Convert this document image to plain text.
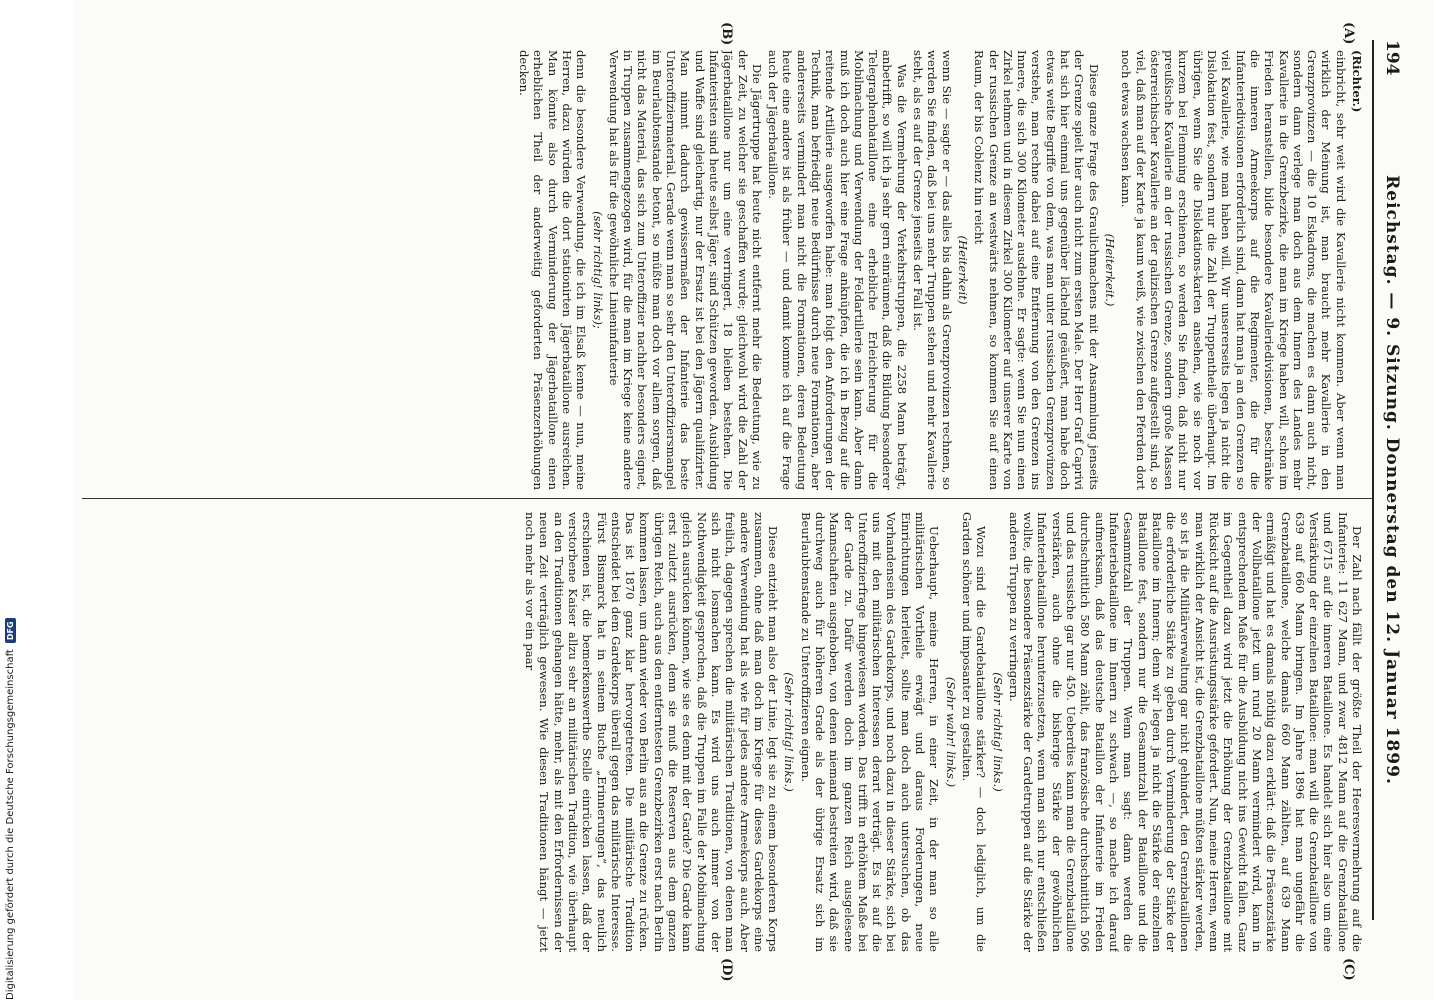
194
Reichstag. — 9. Sitzung. Donnerstag den 12. Januar 1899.
(A)
(B)
(C)
(D)

(Richter.)

einbricht, sehr weit wird die Kavallerie nicht kommen. Aber wenn man wirklich der Meinung ist, man braucht mehr Kavallerie in den Grenzprovinzen — die 10 Eskadrons, die machen es dann auch nicht, sondern dann verlege man doch aus dem Innern des Landes mehr Kavallerie in die Grenzbezirke, die man im Kriege haben will, schon im Frieden heranstellen, bilde besondere Kavalleriedivisionen, beschränke die inneren Armeekorps auf die Regimenter, die für die Infanteriedivisionen erforderlich sind, dann hat man ja an den Grenzen so viel Kavallerie, wie man haben will. Wir unsererseits legen ja nicht die Dislokation fest, sondern nur die Zahl der Truppentheile überhaupt. Im übrigen, wenn Sie die Dislokations-karten ansehen, wie sie noch vor kurzem bei Flemming erschienen, so werden Sie finden, daß nicht nur preußische Kavallerie an der russischen Grenze, sondern große Massen österreichischer Kavallerie an der galizischen Grenze aufgestellt sind, so viel, daß man auf der Karte ja kaum weiß, wie zwischen den Pferden dort noch etwas wachsen kann.

(Heiterkeit.)

Diese ganze Frage des Graulichmachens mit der Ansammlung jenseits der Grenze spielt hier auch nicht zum ersten Male. Der Herr Graf Caprivi hat sich hier einmal uns gegenüber lächelnd geäußert, man habe doch etwas weite Begriffe von dem, was man unter russischen Grenzprovinzen verstehe, man rechne dabei auf eine Entfernung von den Grenzen ins Innere, die sich 300 Kilometer ausdehne. Er sagte: wenn Sie nun einen Zirkel nehmen und in diesem Zirkel 300 Kilometer auf unserer Karte von der russischen Grenze an westwärts nehmen, so kommen Sie auf einen Raum, der bis Coblenz hin reicht

(Heiterkeit)

wenn Sie — sagte er — das alles bis dahin als Grenzprovinzen rechnen, so werden Sie finden, daß bei uns mehr Truppen stehen und mehr Kavallerie steht, als es auf der Grenze jenseits der Fall ist.

Was die Vermehrung der Verkehrstruppen, die 2258 Mann beträgt, anbetrifft, so will ich ja sehr gern einräumen, daß die Bildung besonderer Telegraphenbataillone eine erhebliche Erleichterung für die Mobilmachung und Verwendung der Feldartillerie sein kann. Aber dann muß ich doch auch hier eine Frage anknüpfen, die ich in Bezug auf die reitende Artillerie ausgeworfen habe: man folgt den Anforderungen der Technik, man befriedigt neue Bedürfnisse durch neue Formationen, aber andererseits vermindert man nicht die Formationen, deren Bedeutung heute eine andere ist als früher — und damit komme ich auf die Frage auch der Jägerbataillone.

Die Jägertruppe hat heute nicht entfernt mehr die Bedeutung, wie zu der Zeit, zu welcher sie geschaffen wurde; gleichwohl wird die Zahl der Jägerbataillone nur um eine verringert, 18 bleiben bestehen. Die Infanteristen sind heute selbst Jäger, sind Schützen geworden. Ausbildung und Waffe sind gleichartig, nur der Ersatz ist bei den Jägern qualifizirter. Man nimmt dadurch gewissermaßen der Infanterie das beste Unteroffiziermaterial. Gerade wenn man so sehr den Unteroffiziersmangel im Beurlaubtenstande betont, so müßte man doch vor allem sorgen, daß nicht das Material, das sich zum Unteroffizier nachher besonders eignet, in Truppen zusammengezogen wird, für die man im Kriege keine andere Verwendung hat als für die gewöhnliche Linieninfanterie

(sehr richtig! links);

denn die besondere Verwendung, die ich im Elsaß kenne — nun, meine Herren, dazu würden die dort stationirten Jägerbataillone ausreichen. Man könnte also durch Verminderung der Jägerbataillone einen erheblichen Theil der anderweitig geforderten Präsenzerhöhungen decken.

Der Zahl nach fällt der größte Theil der Heeresvermehrung auf die Infanterie: 11 627 Mann, und zwar 4812 Mann auf die Grenzbataillone und 6715 auf die inneren Bataillone. Es handelt sich hier also um eine Verstärkung der einzelnen Bataillone: man will die Grenzbataillone von 639 auf 660 Mann bringen. Im Jahre 1896 hat man ungefähr die Grenzbataillone, welche damals 660 Mann zählten, auf 639 Mann ermäßigt und hat es damals nöthig dazu erklärt: daß die Präsenzstärke der Vollbataillone jetzt um rund 20 Mann vermindert wird, kann in entsprechendem Maße für die Ausbildung nicht ins Gewicht fallen. Ganz im Gegentheil dazu wird jetzt die Erhöhung der Grenzbataillone mit Rücksicht auf die Ausrüstungsstärke gefordert. Nun, meine Herren, wenn man wirklich der Ansicht ist, die Grenzbataillone müßten stärker werden, so ist ja die Militärverwaltung gar nicht gehindert, den Grenzbataillonen die erforderliche Stärke zu geben durch Verminderung der Stärke der Bataillone im Innern; denn wir legen ja nicht die Stärke der einzelnen Bataillone fest, sondern nur die Gesammtzahl der Bataillone und die Gesammtzahl der Truppen. Wenn man sagt: dann werden die Infanteriebataillone im Innern zu schwach —, so mache ich darauf aufmerksam, daß das deutsche Bataillon der Infanterie im Frieden durchschnittlich 580 Mann zählt, das französische durchschnittlich 506 und das russische gar nur 450. Ueberdies kann man die Grenzbataillone verstärken, auch ohne die bisherige Stärke der gewöhnlichen Infanteriebataillone herunterzusetzen, wenn man sich nur entschließen wollte, die besondere Präsenzstärke der Gardetruppen auf die Stärke der anderen Truppen zu verringern.

(Sehr richtig! links.)

Wozu sind die Gardebataillone stärker? — doch lediglich, um die Garden schöner und imposanter zu gestalten.

(Sehr wahr! links.)

Ueberhaupt, meine Herren, in einer Zeit, in der man so alle militärischen Vortheile erwägt und daraus Forderungen, neue Einrichtungen herleitet, sollte man doch auch untersuchen, ob das Vorhandensein des Gardekorps, und noch dazu in dieser Stärke, sich bei uns mit den militärischen Interessen derart verträgt. Es ist auf die Unteroffizierfrage hingewiesen worden. Das trifft in erhöhtem Maße bei der Garde zu. Dafür werden doch im ganzen Reich ausgelesene Mannschaften ausgehoben, von denen niemand bestreiten wird, daß sie durchweg auch für höheren Grade als der übrige Ersatz sich im Beurlaubtenstande zu Unteroffizieren eignen.

(Sehr richtig! links.)

Diese entzieht man also der Linie, legt sie zu einem besonderen Korps zusammen, ohne daß man doch im Kriege für dieses Gardekorps eine andere Verwendung hat als wie für jedes andere Armeekorps auch. Aber freilich, dagegen sprechen die militärischen Traditionen, von denen man sich nicht losmachen kann. Es wird uns auch immer von der Nothwendigkeit gesprochen, daß die Truppen im Falle der Mobilmachung gleich ausrücken können, wie sie es denn mit der Garde? Die Garde kann erst zuletzt ausrücken, denn sie muß die Reserven aus dem ganzen übrigen Reich, auch aus den entferntesten Grenzbezirken erst nach Berlin kommen lassen, um dann wieder von Berlin aus an die Grenze zu rücken. Das ist 1870 ganz klar hervorgetreten. Die militärische Tradition entscheidet bei dem Gardekorps überall gegen das militärische Interesse. Fürst Bismarck hat in seinem Buche „Erinnerungen“, das neulich erschienen ist, die bemerkenswerthe Stelle einrücken lassen, daß der verstorbene Kaiser allzu sehr an militärischen Tradition, wie überhaupt an den Traditionen gehangen hätte, mehr, als mit den Erfordernissen der neuen Zeit verträglich gewesen. Wie diesen Traditionen hängt — jetzt noch mehr als vor ein paar

Digitalisierung gefördert durch die Deutsche Forschungsgemeinschaft
DFG
